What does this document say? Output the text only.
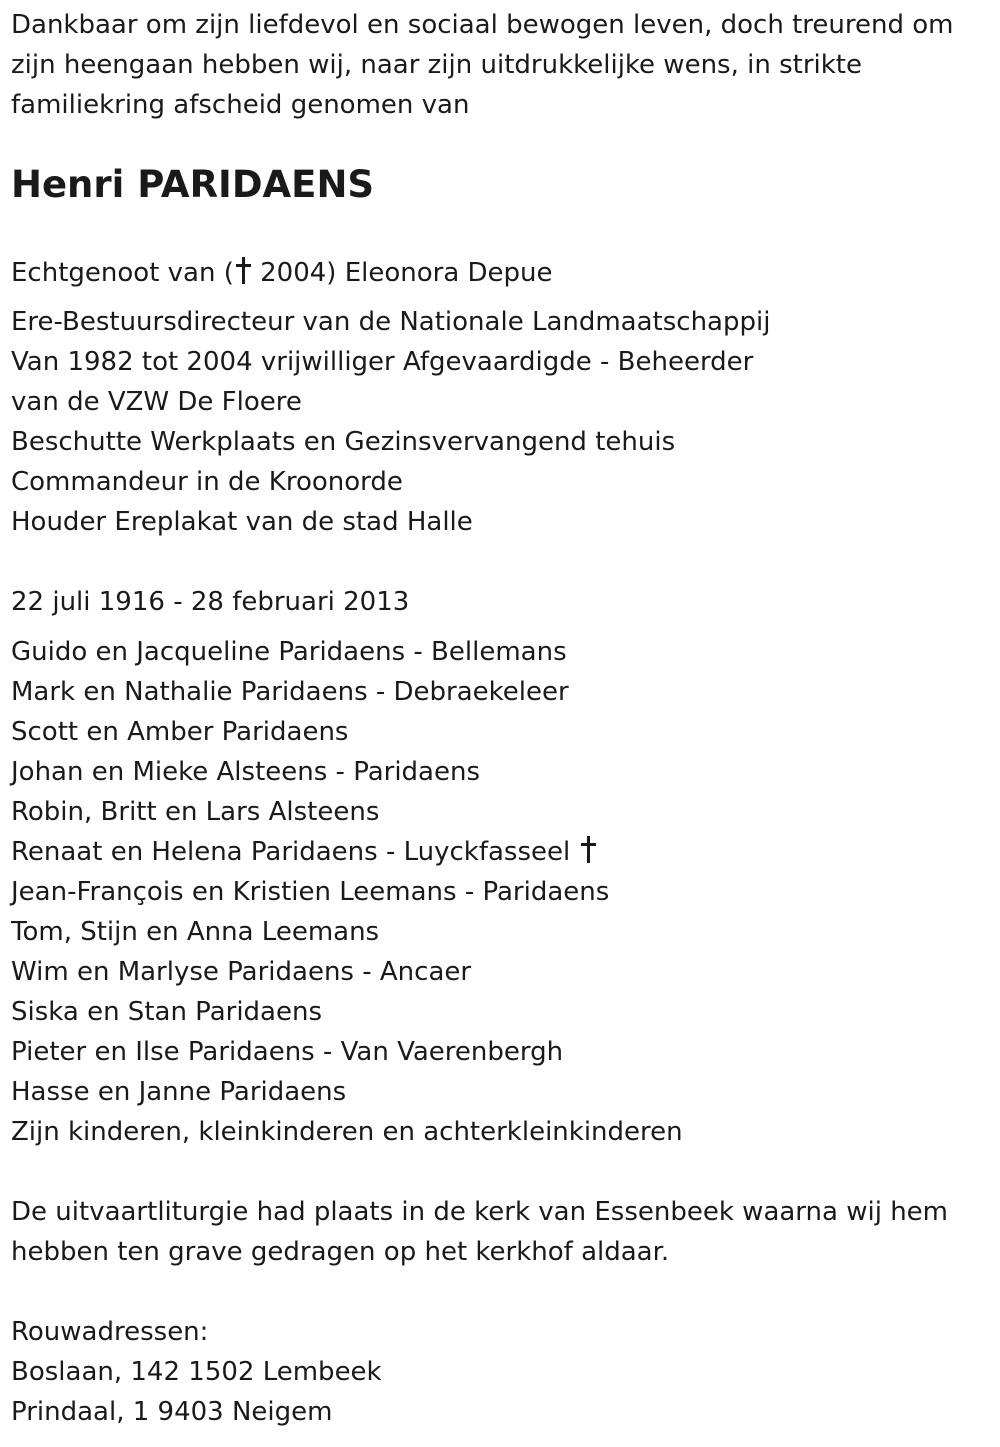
Dankbaar om zijn liefdevol en sociaal bewogen leven, doch treurend om
zijn heengaan hebben wij, naar zijn uitdrukkelijke wens, in strikte
familiekring afscheid genomen van
Henri PARIDAENS
Echtgenoot van ( 2004) Eleonora Depue
Ere-Bestuursdirecteur van de Nationale Landmaatschappij
Van 1982 tot 2004 vrijwilliger Afgevaardigde - Beheerder
van de VZW De Floere
Beschutte Werkplaats en Gezinsvervangend tehuis
Commandeur in de Kroonorde
Houder Ereplakat van de stad Halle
22 juli 1916 - 28 februari 2013
Guido en Jacqueline Paridaens - Bellemans
Mark en Nathalie Paridaens - Debraekeleer
Scott en Amber Paridaens
Johan en Mieke Alsteens - Paridaens
Robin, Britt en Lars Alsteens
Renaat en Helena Paridaens - Luyckfasseel
Jean-François en Kristien Leemans - Paridaens
Tom, Stijn en Anna Leemans
Wim en Marlyse Paridaens - Ancaer
Siska en Stan Paridaens
Pieter en Ilse Paridaens - Van Vaerenbergh
Hasse en Janne Paridaens
Zijn kinderen, kleinkinderen en achterkleinkinderen
De uitvaartliturgie had plaats in de kerk van Essenbeek waarna wij hem
hebben ten grave gedragen op het kerkhof aldaar.
Rouwadressen:
Boslaan, 142 1502 Lembeek
Prindaal, 1 9403 Neigem
